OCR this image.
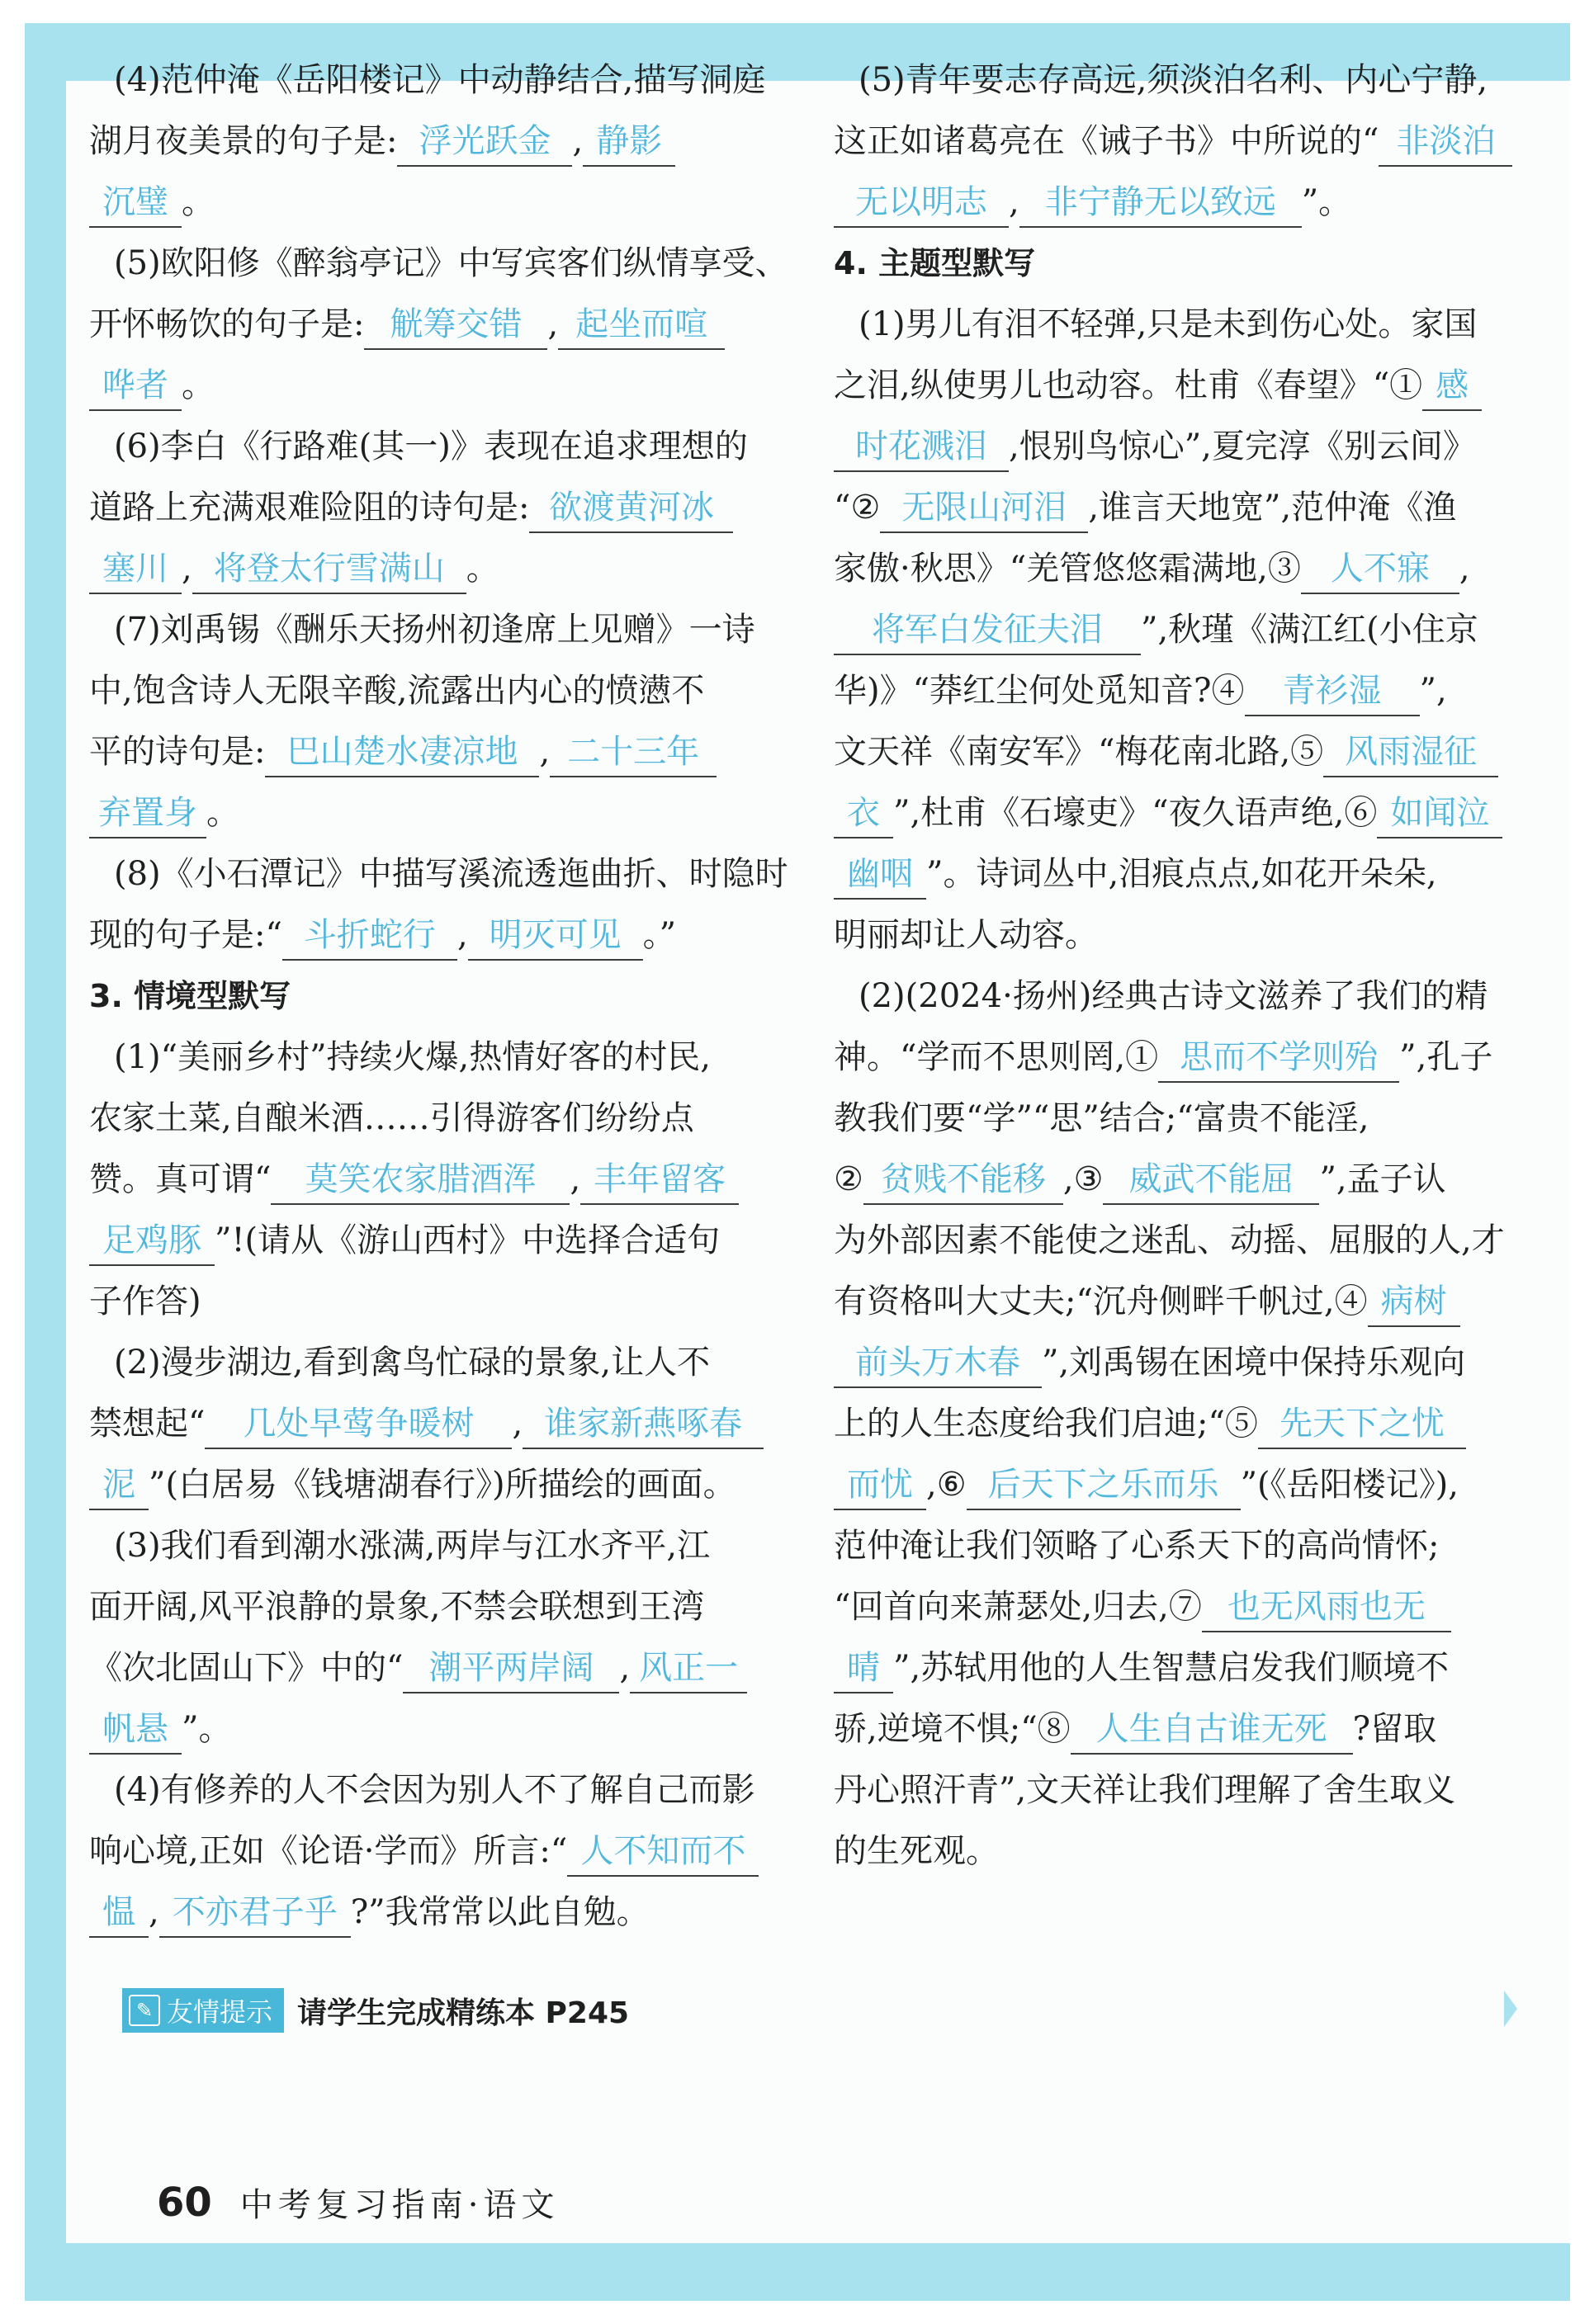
(4)范仲淹《岳阳楼记》中动静结合,描写洞庭
湖月夜美景的句子是: 浮光跃金 , 静影
沉璧 。
(5)欧阳修《醉翁亭记》中写宾客们纵情享受、
开怀畅饮的句子是: 觥筹交错 , 起坐而喧
哗者 。
(6)李白《行路难(其一)》表现在追求理想的
道路上充满艰难险阻的诗句是: 欲渡黄河冰
塞川 , 将登太行雪满山 。
(7)刘禹锡《酬乐天扬州初逢席上见赠》一诗
中,饱含诗人无限辛酸,流露出内心的愤懑不
平的诗句是: 巴山楚水凄凉地 , 二十三年
弃置身 。
(8)《小石潭记》中描写溪流透迤曲折、时隐时
现的句子是:“ 斗折蛇行 , 明灭可见 。”
3. 情境型默写
(1)“美丽乡村”持续火爆,热情好客的村民,
农家土菜,自酿米酒……引得游客们纷纷点
赞。真可谓“ 莫笑农家腊酒浑 , 丰年留客
足鸡豚 ”!(请从《游山西村》中选择合适句
子作答)
(2)漫步湖边,看到禽鸟忙碌的景象,让人不
禁想起“ 几处早莺争暖树 , 谁家新燕啄春
泥 ”(白居易《钱塘湖春行》)所描绘的画面。
(3)我们看到潮水涨满,两岸与江水齐平,江
面开阔,风平浪静的景象,不禁会联想到王湾
《次北固山下》中的“ 潮平两岸阔 , 风正一
帆悬 ”。
(4)有修养的人不会因为别人不了解自己而影
响心境,正如《论语·学而》所言:“ 人不知而不
愠 , 不亦君子乎 ?”我常常以此自勉。
(5)青年要志存高远,须淡泊名利、内心宁静,
这正如诸葛亮在《诫子书》中所说的“ 非淡泊
无以明志 , 非宁静无以致远 ”。
4. 主题型默写
(1)男儿有泪不轻弹,只是未到伤心处。家国
之泪,纵使男儿也动容。杜甫《春望》“① 感
时花溅泪 ,恨别鸟惊心”,夏完淳《别云间》
“② 无限山河泪 ,谁言天地宽”,范仲淹《渔
家傲·秋思》“羌管悠悠霜满地,③ 人不寐 ,
将军白发征夫泪 ”,秋瑾《满江红(小住京
华)》“莽红尘何处觅知音?④ 青衫湿 ”,
文天祥《南安军》“梅花南北路,⑤ 风雨湿征
衣 ”,杜甫《石壕吏》“夜久语声绝,⑥ 如闻泣
幽咽 ”。诗词丛中,泪痕点点,如花开朵朵,
明丽却让人动容。
(2)(2024·扬州)经典古诗文滋养了我们的精
神。“学而不思则罔,① 思而不学则殆 ”,孔子
教我们要“学”“思”结合;“富贵不能淫,
② 贫贱不能移 ,③ 威武不能屈 ”,孟子认
为外部因素不能使之迷乱、动摇、屈服的人,才
有资格叫大丈夫;“沉舟侧畔千帆过,④ 病树
前头万木春 ”,刘禹锡在困境中保持乐观向
上的人生态度给我们启迪;“⑤ 先天下之忧
而忧 ,⑥ 后天下之乐而乐 ”(《岳阳楼记》),
范仲淹让我们领略了心系天下的高尚情怀;
“回首向来萧瑟处,归去,⑦ 也无风雨也无
晴 ”,苏轼用他的人生智慧启发我们顺境不
骄,逆境不惧;“⑧ 人生自古谁无死 ?留取
丹心照汗青”,文天祥让我们理解了舍生取义
的生死观。
✎ 友情提示 请学生完成精练本 P245
60 中考复习指南·语文
